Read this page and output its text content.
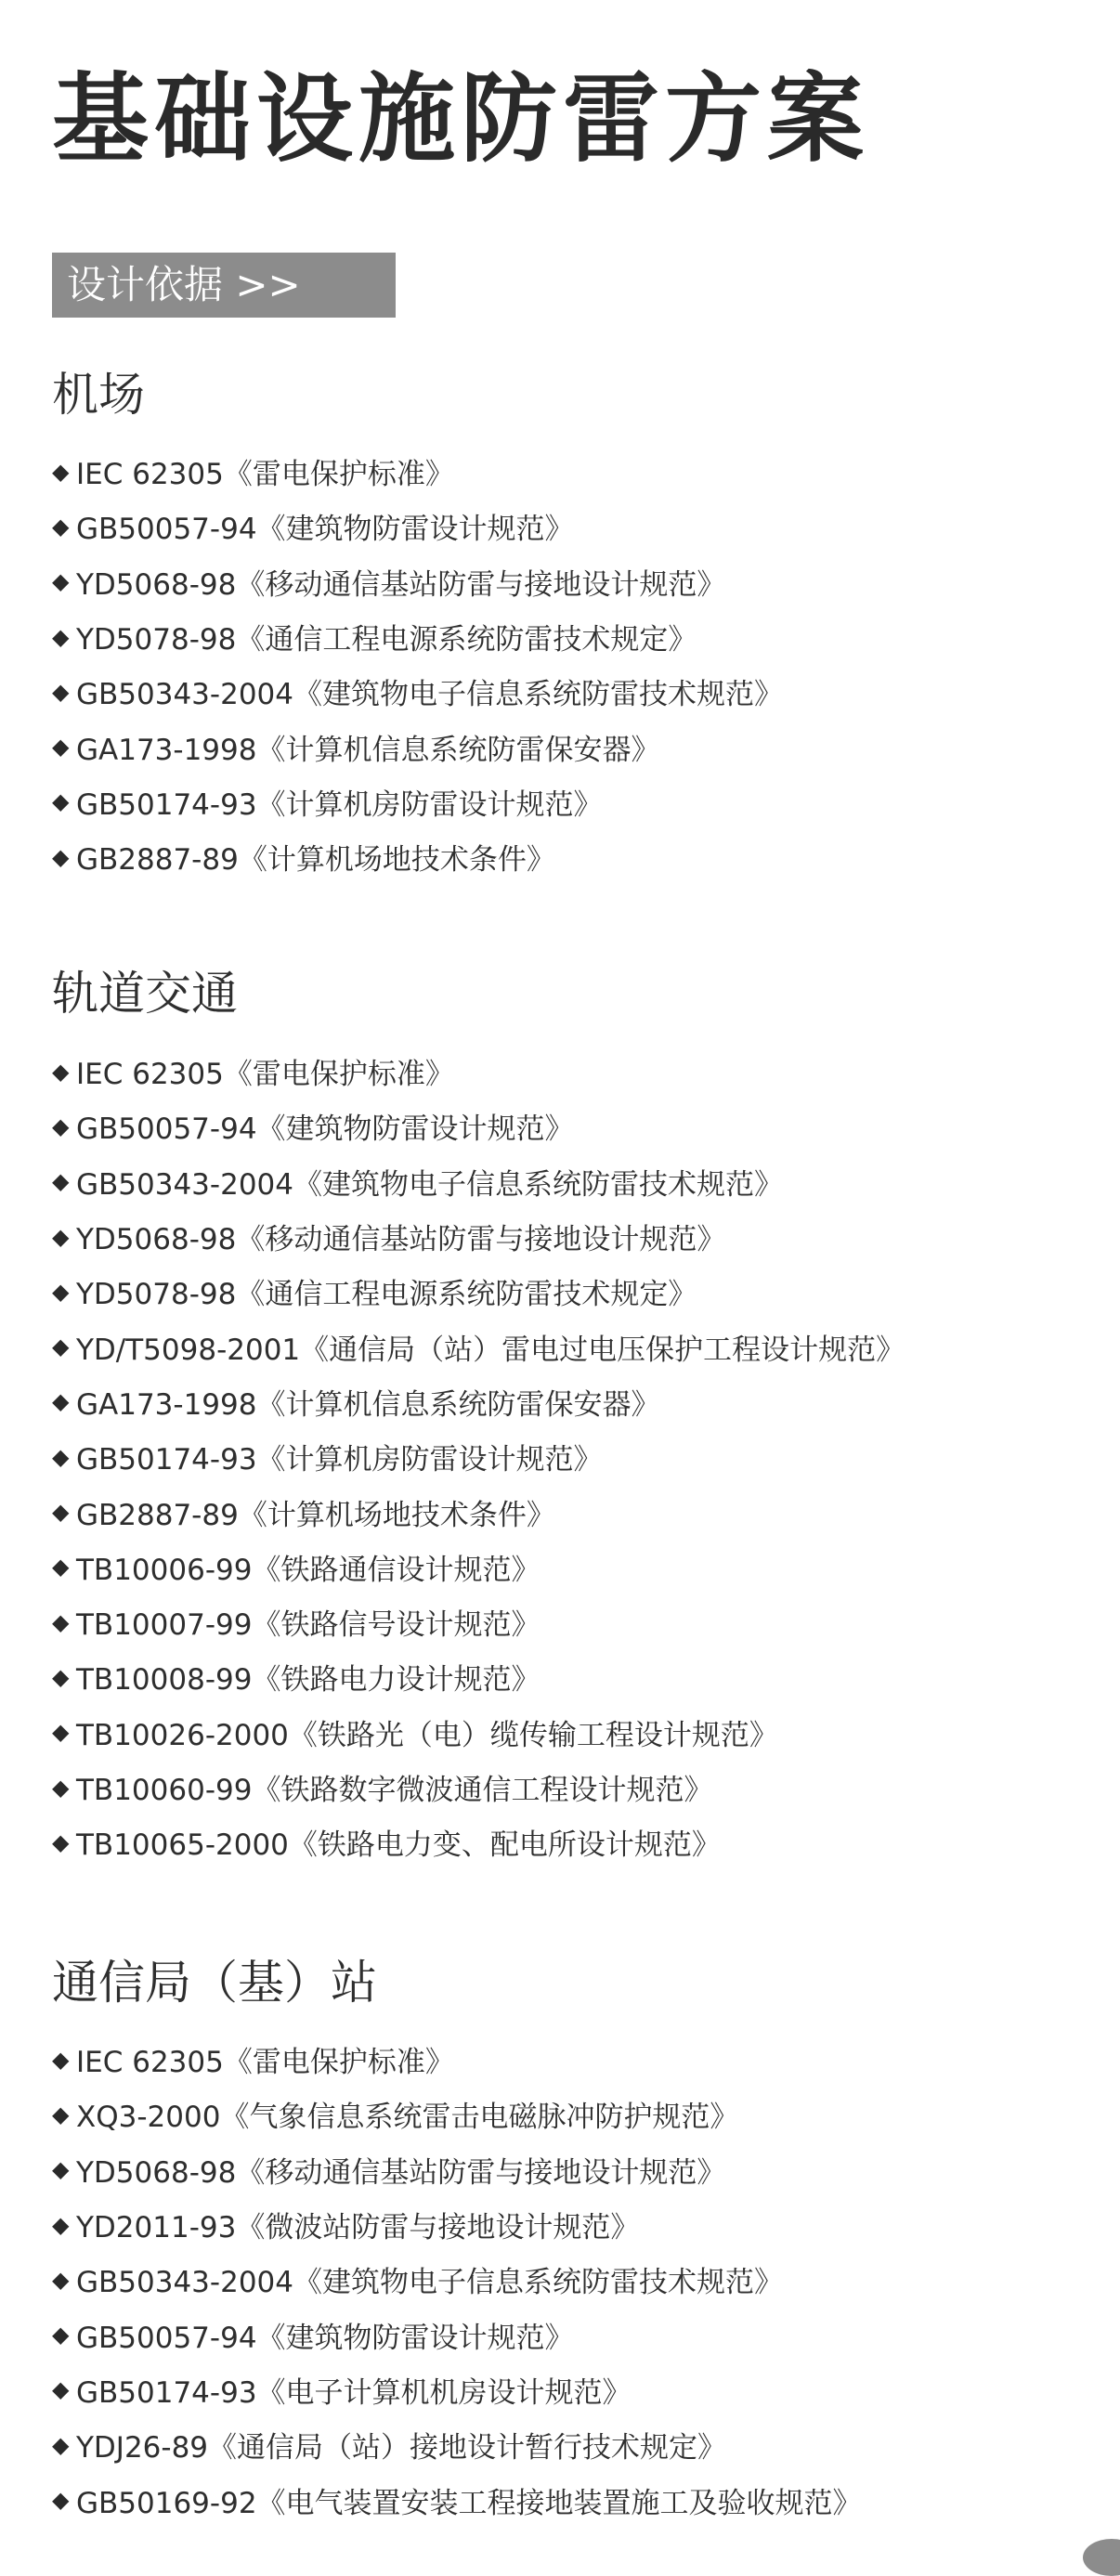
基础设施防雷方案
设计依据 >>
机场
◆ IEC 62305《雷电保护标准》
◆ GB50057-94《建筑物防雷设计规范》
◆ YD5068-98《移动通信基站防雷与接地设计规范》
◆ YD5078-98《通信工程电源系统防雷技术规定》
◆ GB50343-2004《建筑物电子信息系统防雷技术规范》
◆ GA173-1998《计算机信息系统防雷保安器》
◆ GB50174-93《计算机房防雷设计规范》
◆ GB2887-89《计算机场地技术条件》
轨道交通
◆ IEC 62305《雷电保护标准》
◆ GB50057-94《建筑物防雷设计规范》
◆ GB50343-2004《建筑物电子信息系统防雷技术规范》
◆ YD5068-98《移动通信基站防雷与接地设计规范》
◆ YD5078-98《通信工程电源系统防雷技术规定》
◆ YD/T5098-2001《通信局（站）雷电过电压保护工程设计规范》
◆ GA173-1998《计算机信息系统防雷保安器》
◆ GB50174-93《计算机房防雷设计规范》
◆ GB2887-89《计算机场地技术条件》
◆ TB10006-99《铁路通信设计规范》
◆ TB10007-99《铁路信号设计规范》
◆ TB10008-99《铁路电力设计规范》
◆ TB10026-2000《铁路光（电）缆传输工程设计规范》
◆ TB10060-99《铁路数字微波通信工程设计规范》
◆ TB10065-2000《铁路电力变、配电所设计规范》
通信局（基）站
◆ IEC 62305《雷电保护标准》
◆ XQ3-2000《气象信息系统雷击电磁脉冲防护规范》
◆ YD5068-98《移动通信基站防雷与接地设计规范》
◆ YD2011-93《微波站防雷与接地设计规范》
◆ GB50343-2004《建筑物电子信息系统防雷技术规范》
◆ GB50057-94《建筑物防雷设计规范》
◆ GB50174-93《电子计算机机房设计规范》
◆ YDJ26-89《通信局（站）接地设计暂行技术规定》
◆ GB50169-92《电气装置安装工程接地装置施工及验收规范》
